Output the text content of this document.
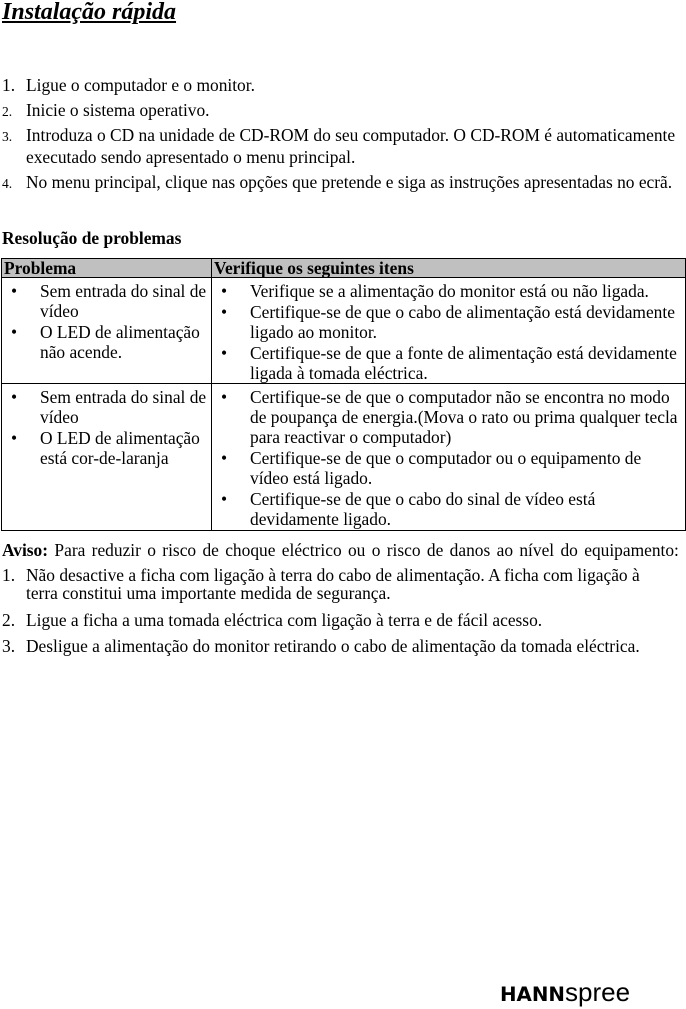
Instalação rápida
1. Ligue o computador e o monitor.
2. Inicie o sistema operativo.
3. Introduza o CD na unidade de CD-ROM do seu computador. O CD-ROM é automaticamente
executado sendo apresentado o menu principal.
4. No menu principal, clique nas opções que pretende e siga as instruções apresentadas no ecrã.
Resolução de problemas
Problema	Verifique os seguintes itens
• Sem entrada do sinal de
vídeo
• O LED de alimentação
não acende.
• Verifique se a alimentação do monitor está ou não ligada.
• Certifique-se de que o cabo de alimentação está devidamente
ligado ao monitor.
• Certifique-se de que a fonte de alimentação está devidamente
ligada à tomada eléctrica.
• Sem entrada do sinal de
vídeo
• O LED de alimentação
está cor-de-laranja
• Certifique-se de que o computador não se encontra no modo
de poupança de energia.(Mova o rato ou prima qualquer tecla
para reactivar o computador)
• Certifique-se de que o computador ou o equipamento de
vídeo está ligado.
• Certifique-se de que o cabo do sinal de vídeo está
devidamente ligado.
Aviso: Para reduzir o risco de choque eléctrico ou o risco de danos ao nível do equipamento:
1. Não desactive a ficha com ligação à terra do cabo de alimentação. A ficha com ligação à
terra constitui uma importante medida de segurança.
2. Ligue a ficha a uma tomada eléctrica com ligação à terra e de fácil acesso.
3. Desligue a alimentação do monitor retirando o cabo de alimentação da tomada eléctrica.
HANNspree
